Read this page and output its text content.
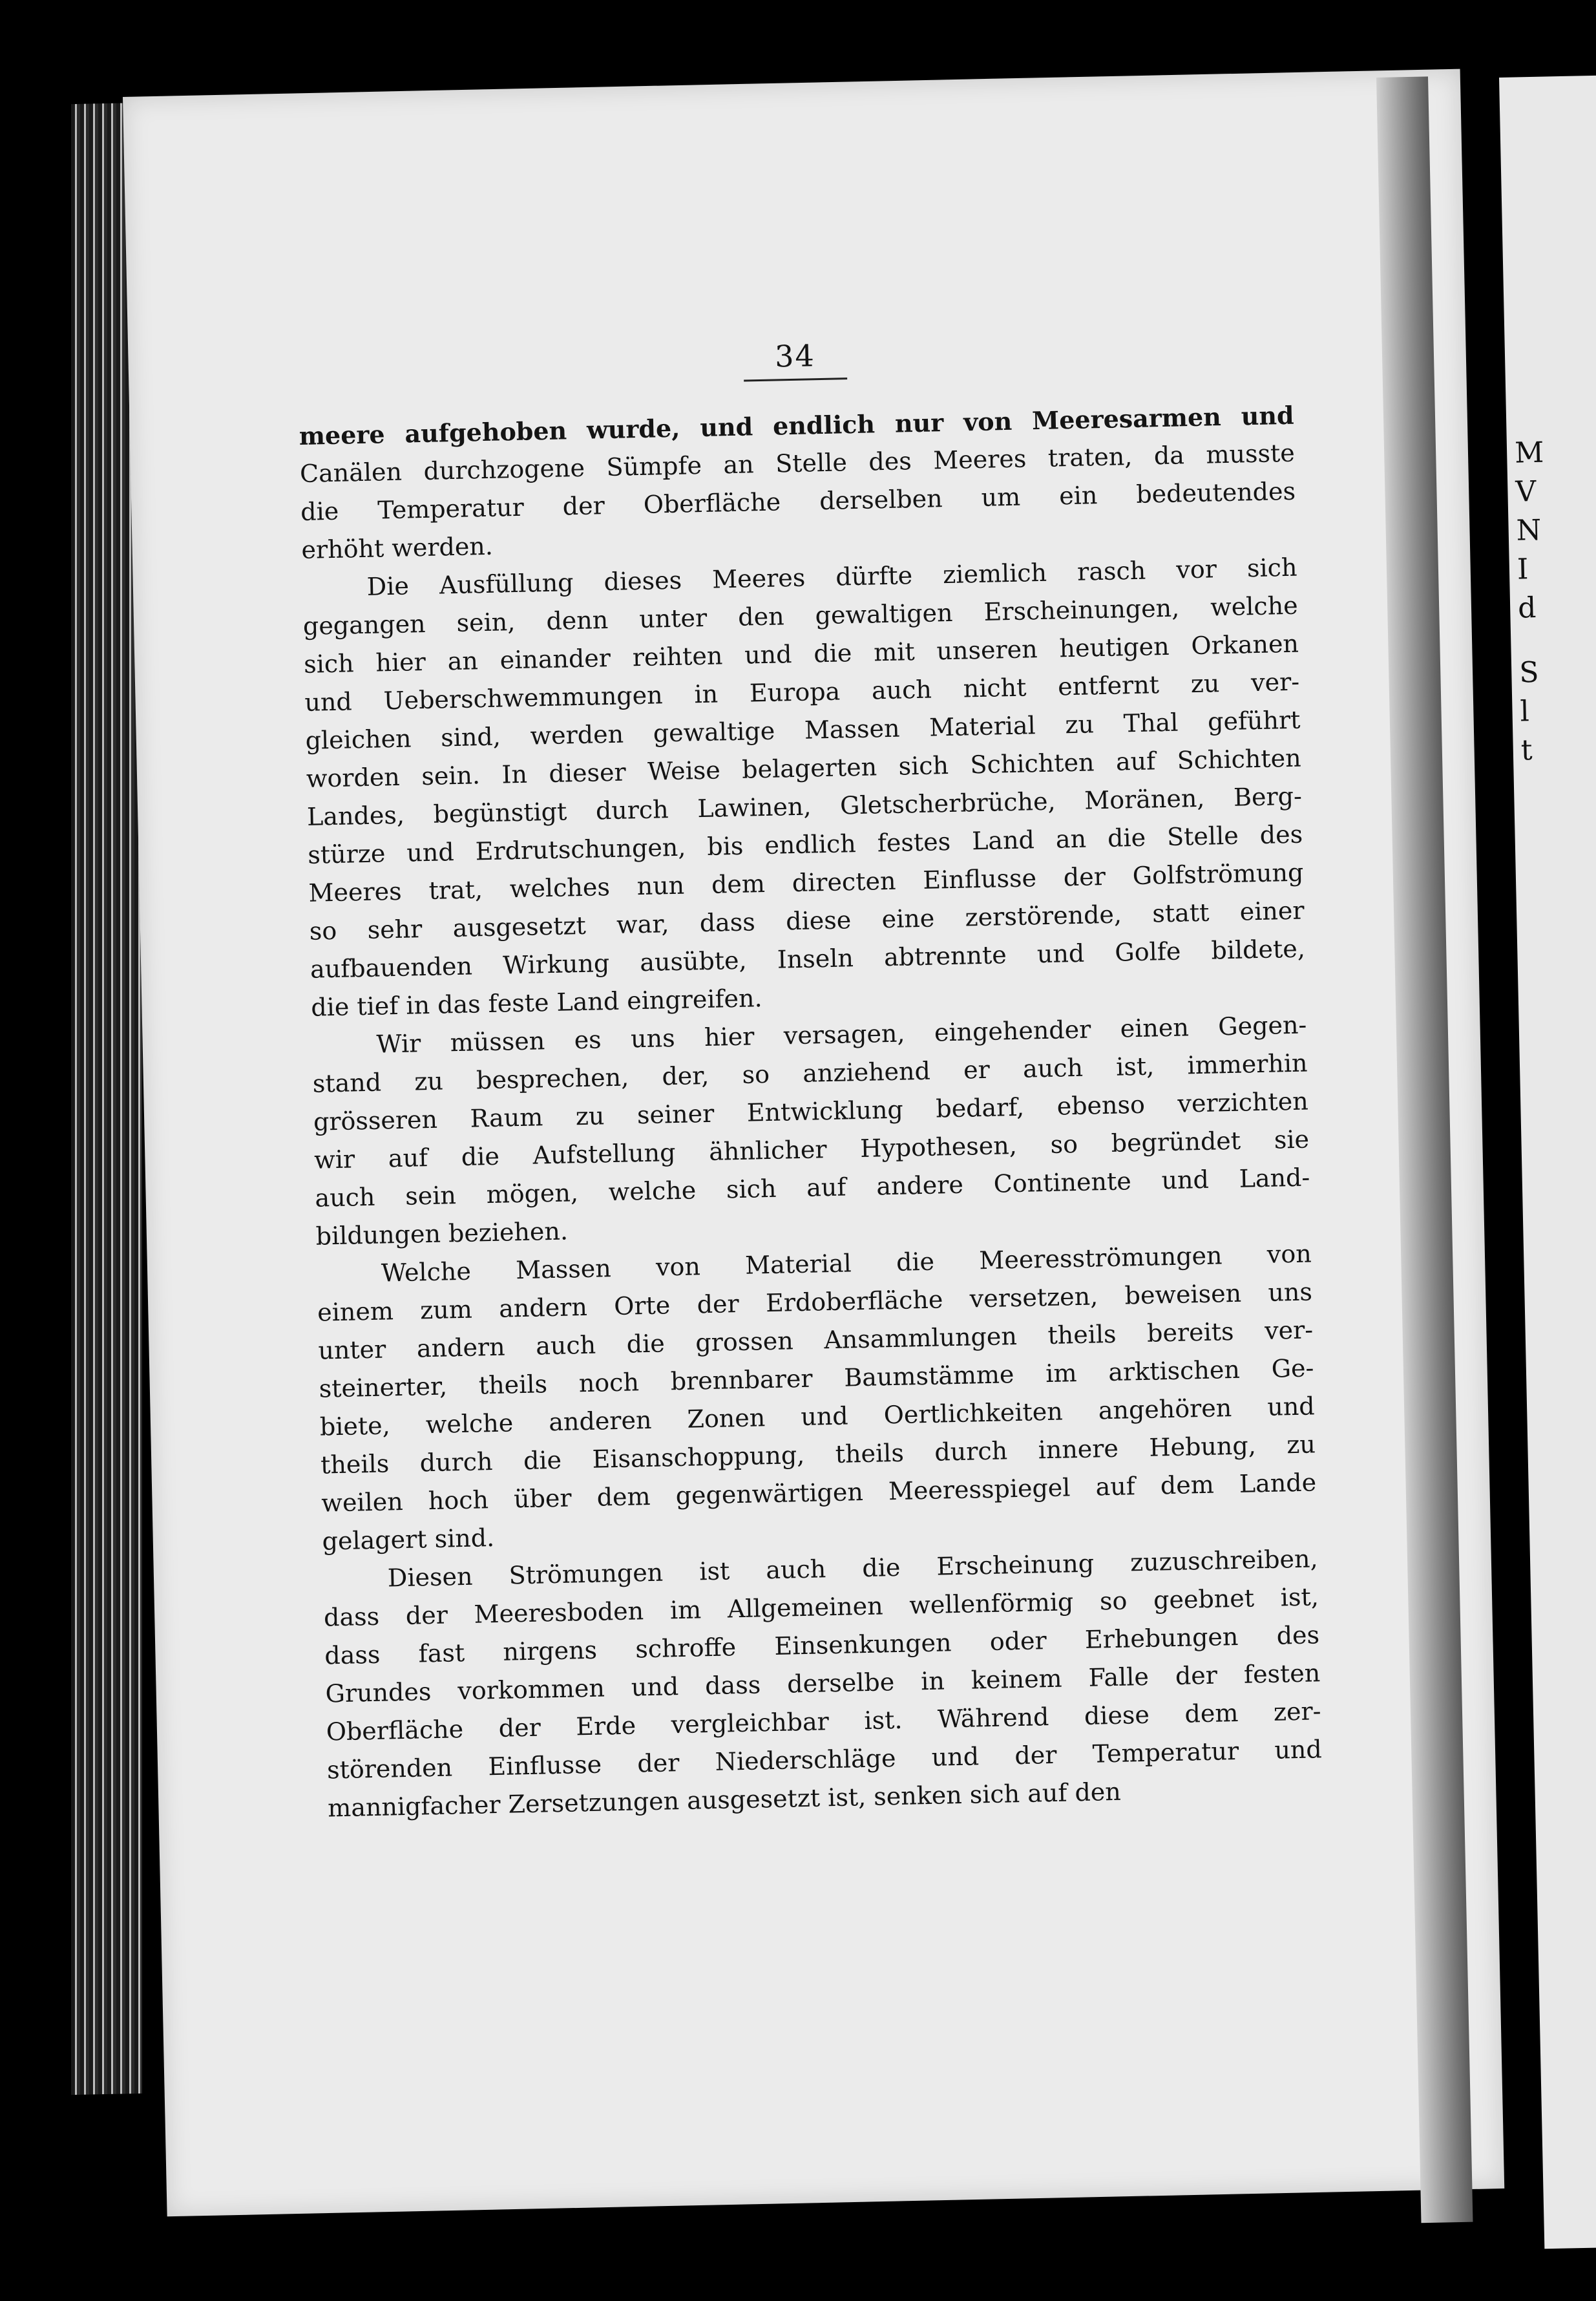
M
V
N
I
d
S
l
t
34
meere aufgehoben wurde, und endlich nur von Meeresarmen und
Canälen durchzogene Sümpfe an Stelle des Meeres traten, da musste
die Temperatur der Oberfläche derselben um ein bedeutendes
erhöht werden.
Die Ausfüllung dieses Meeres dürfte ziemlich rasch vor sich
gegangen sein, denn unter den gewaltigen Erscheinungen, welche
sich hier an einander reihten und die mit unseren heutigen Orkanen
und Ueberschwemmungen in Europa auch nicht entfernt zu ver-
gleichen sind, werden gewaltige Massen Material zu Thal geführt
worden sein. In dieser Weise belagerten sich Schichten auf Schichten
Landes, begünstigt durch Lawinen, Gletscherbrüche, Moränen, Berg-
stürze und Erdrutschungen, bis endlich festes Land an die Stelle des
Meeres trat, welches nun dem directen Einflusse der Golfströmung
so sehr ausgesetzt war, dass diese eine zerstörende, statt einer
aufbauenden Wirkung ausübte, Inseln abtrennte und Golfe bildete,
die tief in das feste Land eingreifen.
Wir müssen es uns hier versagen, eingehender einen Gegen-
stand zu besprechen, der, so anziehend er auch ist, immerhin
grösseren Raum zu seiner Entwicklung bedarf, ebenso verzichten
wir auf die Aufstellung ähnlicher Hypothesen, so begründet sie
auch sein mögen, welche sich auf andere Continente und Land-
bildungen beziehen.
Welche Massen von Material die Meeresströmungen von
einem zum andern Orte der Erdoberfläche versetzen, beweisen uns
unter andern auch die grossen Ansammlungen theils bereits ver-
steinerter, theils noch brennbarer Baumstämme im arktischen Ge-
biete, welche anderen Zonen und Oertlichkeiten angehören und
theils durch die Eisanschoppung, theils durch innere Hebung, zu
weilen hoch über dem gegenwärtigen Meeresspiegel auf dem Lande
gelagert sind.
Diesen Strömungen ist auch die Erscheinung zuzuschreiben,
dass der Meeresboden im Allgemeinen wellenförmig so geebnet ist,
dass fast nirgens schroffe Einsenkungen oder Erhebungen des
Grundes vorkommen und dass derselbe in keinem Falle der festen
Oberfläche der Erde vergleichbar ist. Während diese dem zer-
störenden Einflusse der Niederschläge und der Temperatur und
mannigfacher Zersetzungen ausgesetzt ist, senken sich auf den
